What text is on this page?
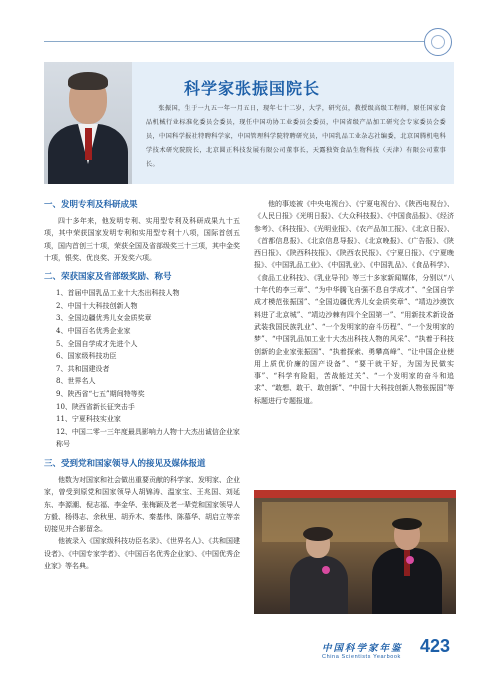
科学家张振国院长
张振国，生于一九五一年一月五日，现年七十二岁，大学，研究员，教授级高级工程师，原任国家食品机械行业标准化委员会委员，现任中国功协工业委员会委员，中国省级产品加工研究会专家委员会委员，中国科学报社特聘科学家，中国管理科学院特聘研究员，中国乳品工业杂志社编委，北京国腾机电科学技术研究院院长，北京圆正科技发展有限公司董事长，天露独资食品生物科技（天津）有限公司董事长。
一、发明专利及科研成果

四十多年来，他发明专利、实用型专利及科研成果九十五项，其中荣获国家发明专利和实用型专利十八项，国际首创五项，国内首创三十项，荣获全国及省部级奖三十三项，其中金奖十项，银奖、优良奖、开发奖六项。

二、荣获国家及省部级奖励、称号
1、首届中国乳品工业十大杰出科技人物
2、中国十大科技创新人物
3、全国边疆优秀儿女金质奖章
4、中国百名优秀企业家
5、全国自学成才先进个人
6、国家级科技功臣
7、共和国建设者
8、世界名人
9、陕西省“七五”期间特等奖
10、陕西省新长征突击手
11、宁夏科技实业家
12、中国二零一三年度最具影响力人物十大杰出诚信企业家称号
三、受到党和国家领导人的接见及媒体报道

他数为对国家和社会做出重要贡献的科学家、发明家、企业家，曾受到原党和国家领导人胡锦涛、温家宝、王兆国、刘延东、李源潮、倪志福、李金华、张梅颖及老一辈党和国家领导人方毅、杨得志、余秋里、胡乔木、秦基伟、陈慕华、胡启立等亲切接见并合影留念。

他被录入《国家级科技功臣名录》、《世界名人》、《共和国建设者》、《中国专家学者》、《中国百名优秀企业家》、《中国优秀企业家》等名典。

他的事迹被《中央电视台》、《宁夏电视台》、《陕西电视台》、《人民日报》《光明日报》、《大众科技报》、《中国食品报》、《经济参考》、《科技报》、《光明业报》、《农产品加工报》、《北京日报》、《首都信息报》、《北京信息导报》、《北京晚报》、《广告报》、《陕西日报》、《陕西科技报》、《陕西农民报》、《宁夏日报》、《宁夏晚报》、《中国乳品工业》、《中国乳业》、《中国乳品》、《食品科学》、《食品工业科技》、《乳业导刊》等三十多家新闻媒体，分别以“八十年代的李三章”、“为中华腾飞自强不息自学成才”、“全国自学成才模范张振国”、“全国边疆优秀儿女金质奖章”、“靖边沙漠饮料进了北京城”、“靖边沙棘有四个全国第一”、“用新技术新设备武装我国民族乳业”、“一个发明家的奋斗历程”、“一个发明家的梦”、“中国乳品加工业十大杰出科技人物的风采”、“执着于科技创新的企业家张振国”、“执着探索、勇攀高峰”、“让中国企业使用上质优价廉的国产设备”、“要干就干好，为国为民做实事”、“科学有险阻，苦战能过关”、“一个发明家的奋斗和追求”、“敢想、敢干、敢创新”、“中国十大科技创新人物张振国”等标题进行专题报道。

中国科学家年鉴
China Scientists Yearbook
423
